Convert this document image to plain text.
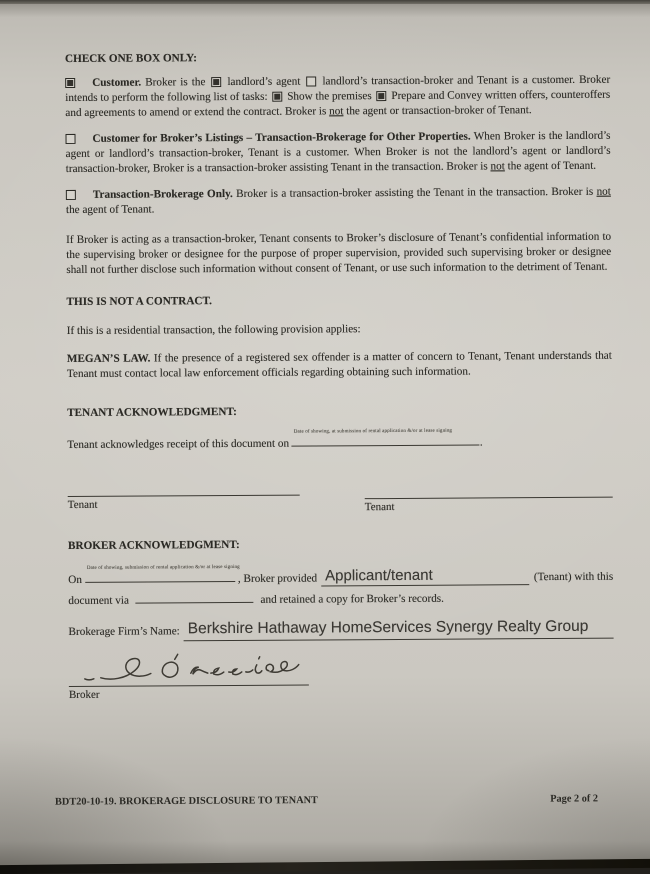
CHECK ONE BOX ONLY:

Customer. Broker is the  landlord’s agent  landlord’s transaction-broker and Tenant is a customer. Broker intends to perform the following list of tasks:  Show the premises  Prepare and Convey written offers, counteroffers and agreements to amend or extend the contract. Broker is not the agent or transaction-broker of Tenant.

Customer for Broker’s Listings – Transaction-Brokerage for Other Properties. When Broker is the landlord’s agent or landlord’s transaction-broker, Tenant is a customer. When Broker is not the landlord’s agent or landlord’s transaction-broker, Broker is a transaction-broker assisting Tenant in the transaction. Broker is not the agent of Tenant.

Transaction-Brokerage Only. Broker is a transaction-broker assisting the Tenant in the transaction. Broker is not the agent of Tenant.

If Broker is acting as a transaction-broker, Tenant consents to Broker’s disclosure of Tenant’s confidential information to the supervising broker or designee for the purpose of proper supervision, provided such supervising broker or designee shall not further disclose such information without consent of Tenant, or use such information to the detriment of Tenant.

THIS IS NOT A CONTRACT.

If this is a residential transaction, the following provision applies:

MEGAN’S LAW. If the presence of a registered sex offender is a matter of concern to Tenant, Tenant understands that Tenant must contact local law enforcement officials regarding obtaining such information.

TENANT ACKNOWLEDGMENT:
Tenant acknowledges receipt of this document on
Date of showing, at submission of rental application &/or at lease signing
.
Tenant	Tenant
BROKER ACKNOWLEDGMENT:
On
Date of showing, submission of rental application &/or at lease signing
, Broker provided Applicant/tenant	(Tenant) with this
document via	and retained a copy for Broker’s records.
Brokerage Firm’s Name: Berkshire Hathaway HomeServices Synergy Realty Group
Broker
BDT20-10-19. BROKERAGE DISCLOSURE TO TENANT	Page 2 of 2
